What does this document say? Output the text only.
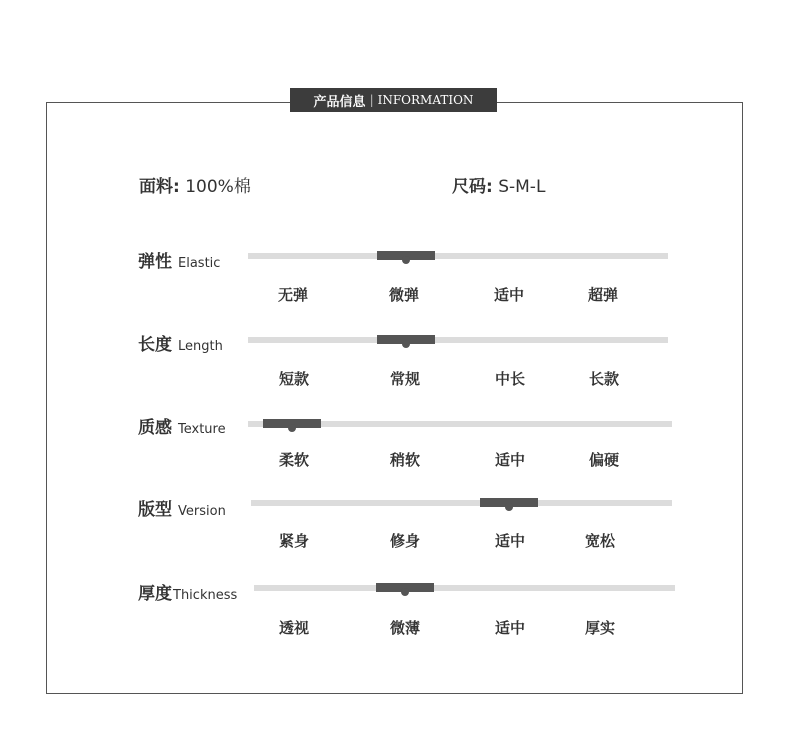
产品信息 | INFORMATION
面料: 100%棉	尺码: S-M-L
弹性 Elastic
无弹	微弹	适中	超弹
长度 Length
短款	常规	中长	长款
质感 Texture
柔软	稍软	适中	偏硬
版型 Version
紧身	修身	适中	宽松
厚度 Thickness
透视	微薄	适中	厚实
